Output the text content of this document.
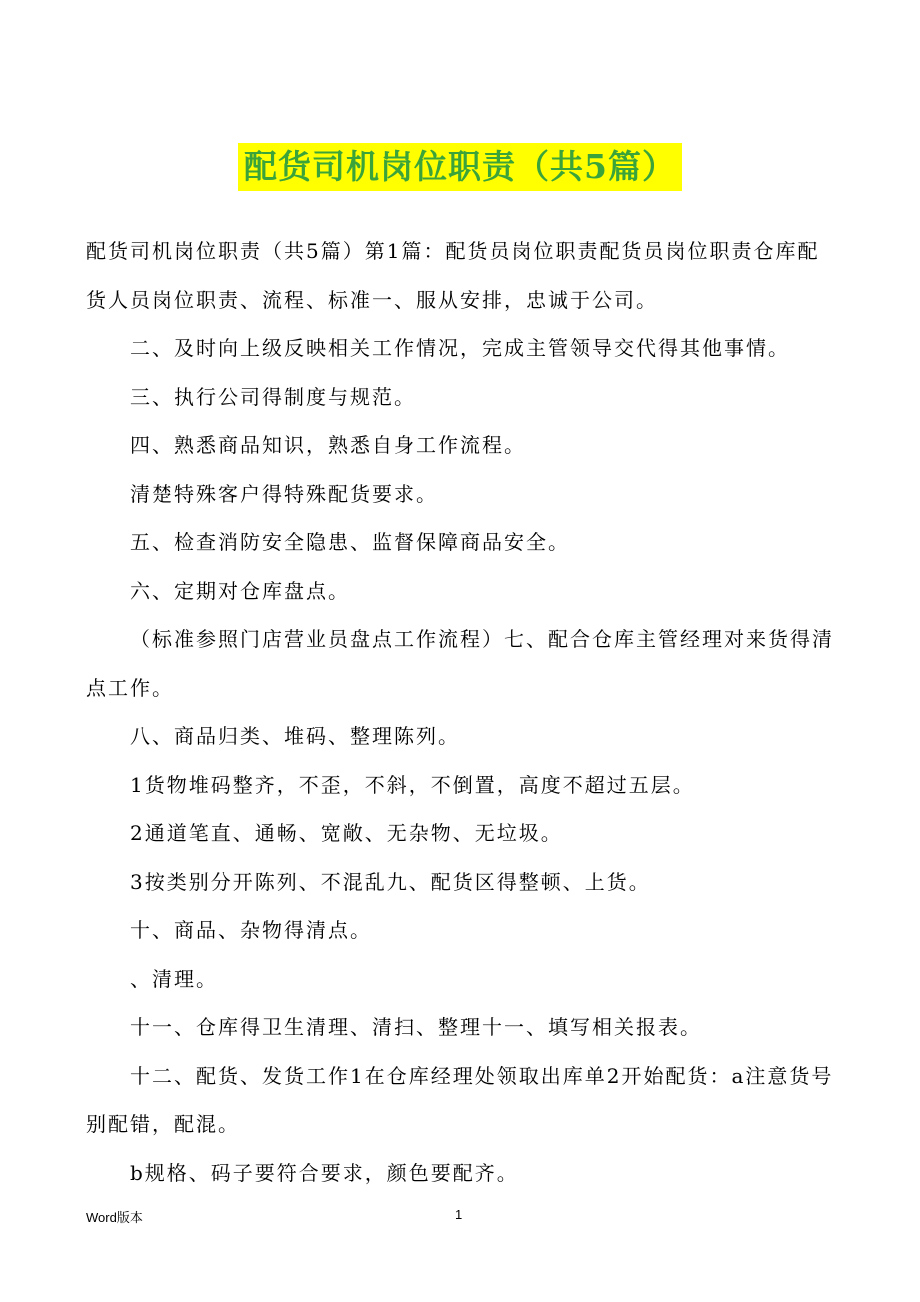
配货司机岗位职责（共5篇）

配货司机岗位职责（共5篇）第1篇：配货员岗位职责配货员岗位职责仓库配货人员岗位职责、流程、标准一、服从安排，忠诚于公司。

二、及时向上级反映相关工作情况，完成主管领导交代得其他事情。

三、执行公司得制度与规范。

四、熟悉商品知识，熟悉自身工作流程。

清楚特殊客户得特殊配货要求。

五、检查消防安全隐患、监督保障商品安全。

六、定期对仓库盘点。

（标准参照门店营业员盘点工作流程）七、配合仓库主管经理对来货得清点工作。

八、商品归类、堆码、整理陈列。

1货物堆码整齐，不歪，不斜，不倒置，高度不超过五层。

2通道笔直、通畅、宽敞、无杂物、无垃圾。

3按类别分开陈列、不混乱九、配货区得整顿、上货。

十、商品、杂物得清点。

、清理。

十一、仓库得卫生清理、清扫、整理十一、填写相关报表。

十二、配货、发货工作1在仓库经理处领取出库单2开始配货：a注意货号别配错，配混。

b规格、码子要符合要求，颜色要配齐。

Word版本	1
